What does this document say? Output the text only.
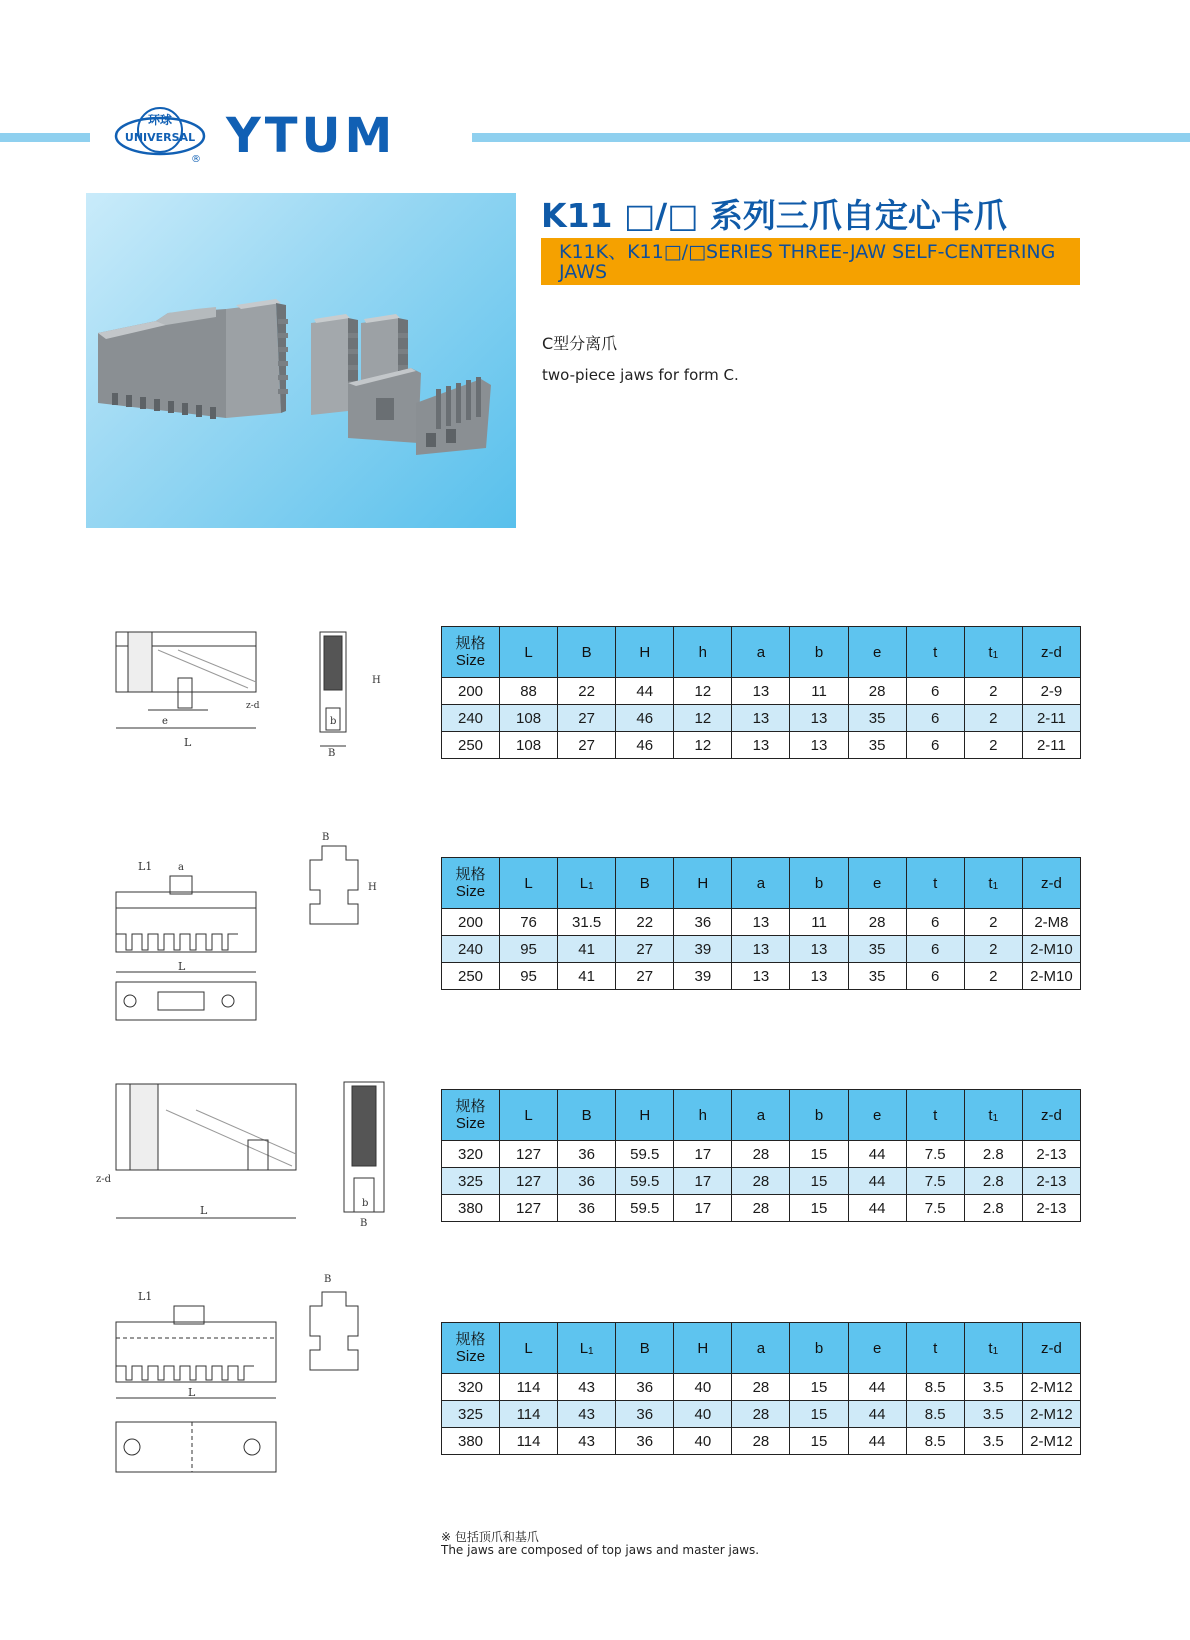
环球
UNIVERSAL
® YTUM
K11 □/□ 系列三爪自定心卡爪
K11K、K11□/□SERIES THREE-JAW SELF-CENTERING
JAWS
C型分离爪
two-piece jaws for form C.
L
e
z-d
b
B
H
L1	a
L
B
H
L
z-d
b
B
L1
L
B
规格
Size	L	B	H	h	a	b	e	t	$t_1$	z-d
200	88	22	44	12	13	11	28	6	2	2-9
240	108	27	46	12	13	13	35	6	2	2-11
250	108	27	46	12	13	13	35	6	2	2-11
规格
Size	L	$L_1$	B	H	a	b	e	t	$t_1$	z-d
200	76	31.5	22	36	13	11	28	6	2	2-M8
240	95	41	27	39	13	13	35	6	2	2-M10
250	95	41	27	39	13	13	35	6	2	2-M10
规格
Size	L	B	H	h	a	b	e	t	$t_1$	z-d
320	127	36	59.5	17	28	15	44	7.5	2.8	2-13
325	127	36	59.5	17	28	15	44	7.5	2.8	2-13
380	127	36	59.5	17	28	15	44	7.5	2.8	2-13
规格
Size	L	$L_1$	B	H	a	b	e	t	$t_1$	z-d
320	114	43	36	40	28	15	44	8.5	3.5	2-M12
325	114	43	36	40	28	15	44	8.5	3.5	2-M12
380	114	43	36	40	28	15	44	8.5	3.5	2-M12
※ 包括顶爪和基爪
The jaws are composed of top jaws and master jaws.
